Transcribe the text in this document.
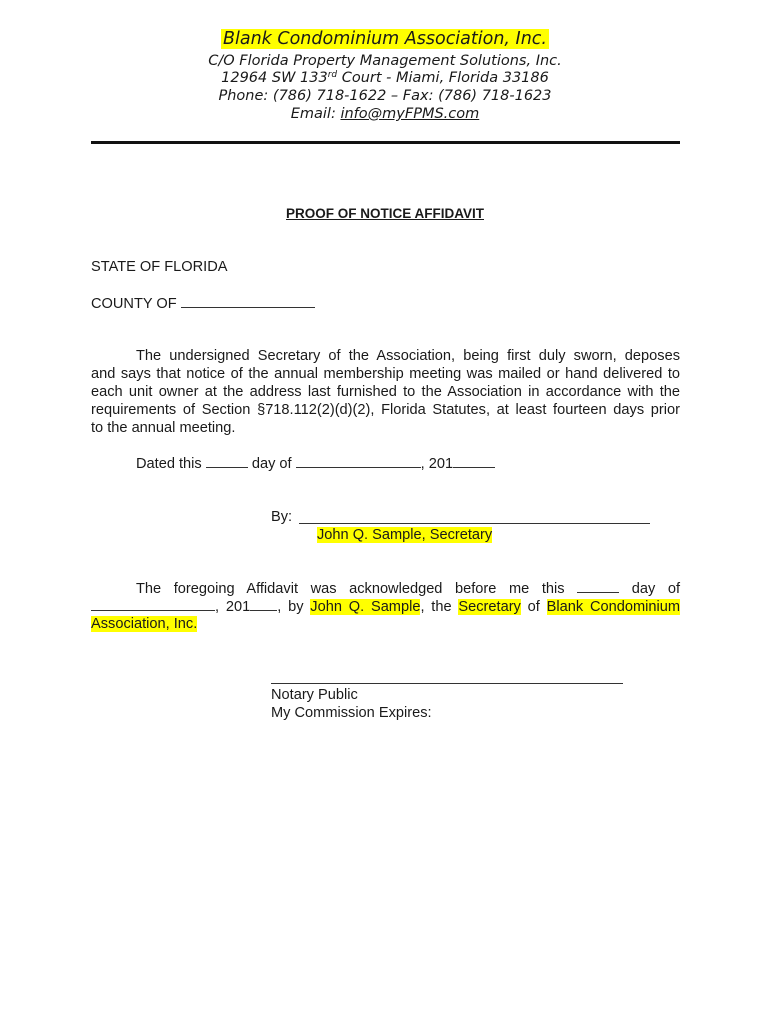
Blank Condominium Association, Inc.
C/O Florida Property Management Solutions, Inc.
12964 SW 133rd Court - Miami, Florida 33186
Phone: (786) 718-1622 – Fax: (786) 718-1623
Email: info@myFPMS.com
PROOF OF NOTICE AFFIDAVIT
STATE OF FLORIDA
COUNTY OF
The undersigned Secretary of the Association, being first duly sworn, deposes
and says that notice of the annual membership meeting was mailed or hand delivered to
each unit owner at the address last furnished to the Association in accordance with the
requirements of Section §718.112(2)(d)(2), Florida Statutes, at least fourteen days prior
to the annual meeting.
Dated this	day of	, 201
By:
John Q. Sample, Secretary
The foregoing Affidavit was acknowledged before me this	day of
, 201 , by John Q. Sample, the Secretary of Blank Condominium
Association, Inc.
Notary Public
My Commission Expires:
